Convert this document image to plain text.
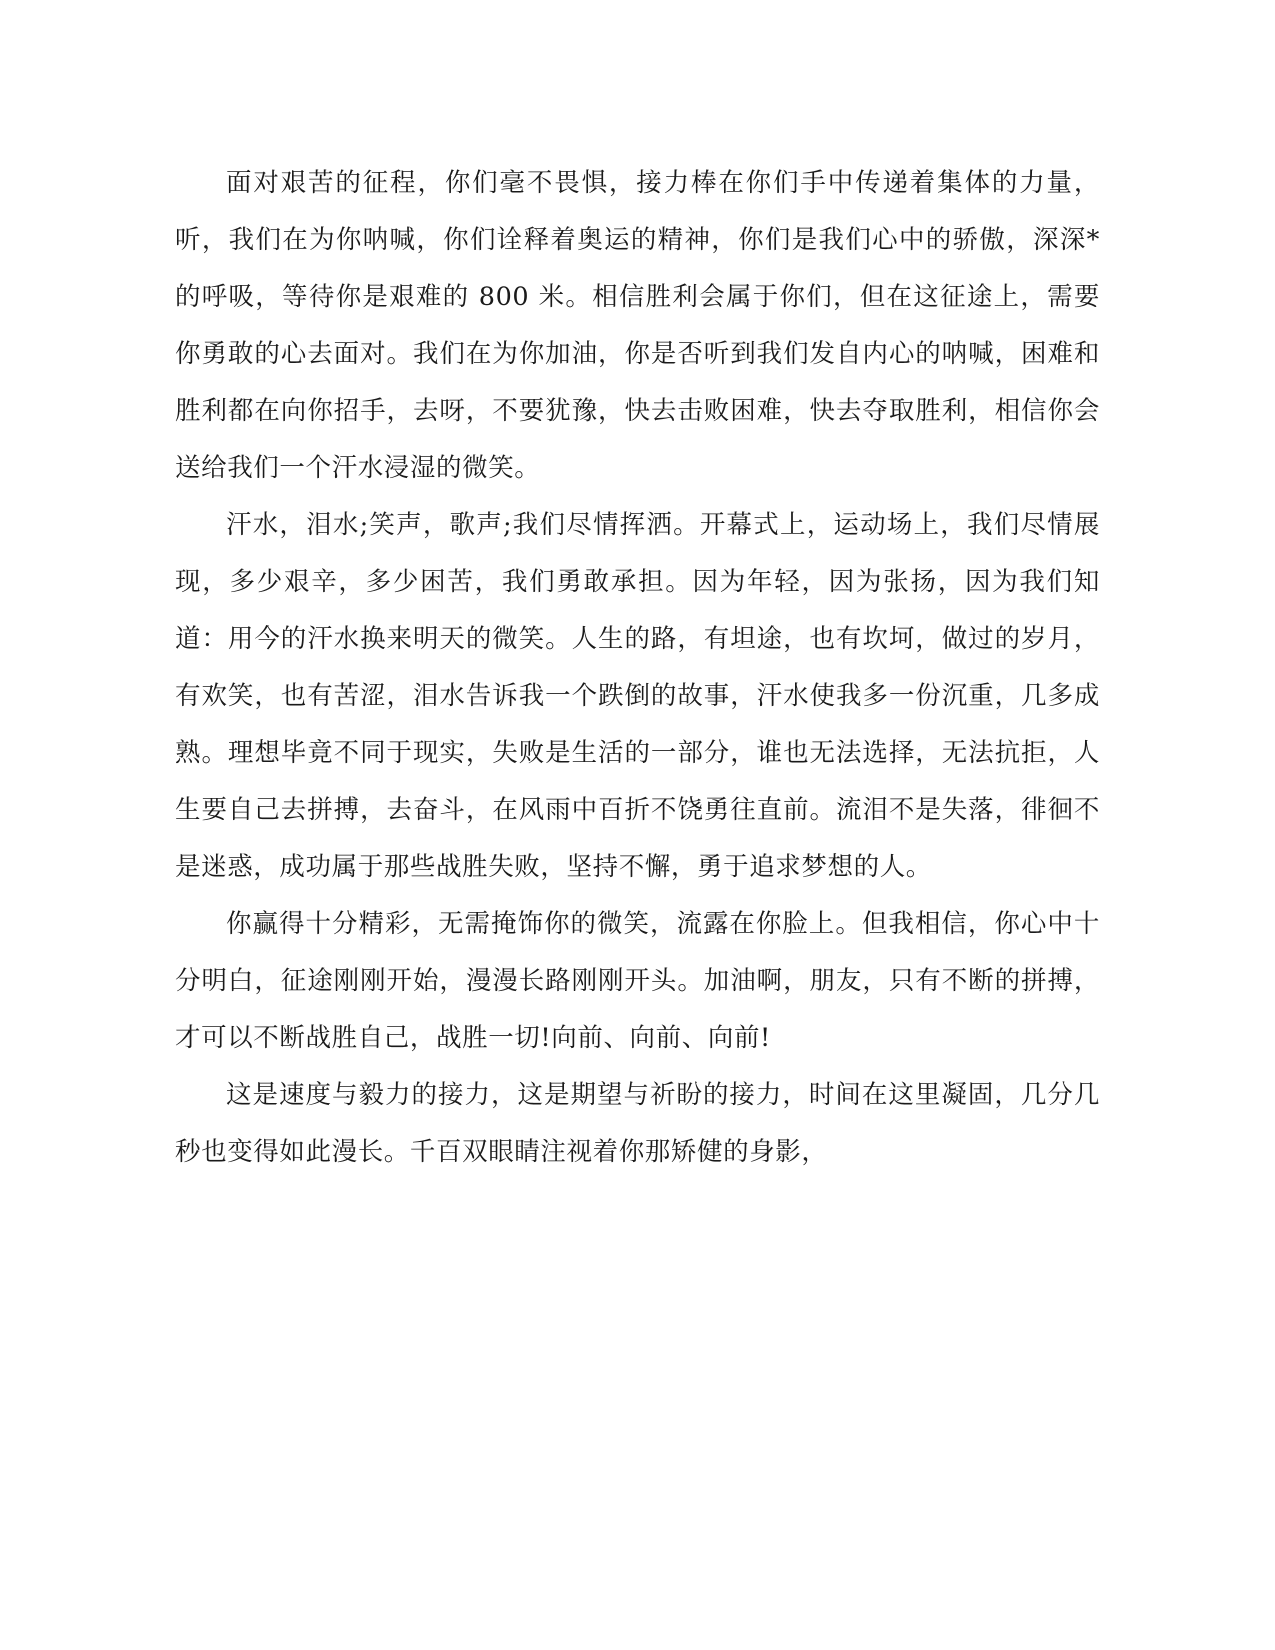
面对艰苦的征程，你们毫不畏惧，接力棒在你们手中传递着集体的力量，听，我们在为你呐喊，你们诠释着奥运的精神，你们是我们心中的骄傲，深深*的呼吸，等待你是艰难的 800 米。相信胜利会属于你们，但在这征途上，需要你勇敢的心去面对。我们在为你加油，你是否听到我们发自内心的呐喊，困难和胜利都在向你招手，去呀，不要犹豫，快去击败困难，快去夺取胜利，相信你会送给我们一个汗水浸湿的微笑。

汗水，泪水;笑声，歌声;我们尽情挥洒。开幕式上，运动场上，我们尽情展现，多少艰辛，多少困苦，我们勇敢承担。因为年轻，因为张扬，因为我们知道：用今的汗水换来明天的微笑。人生的路，有坦途，也有坎坷，做过的岁月，有欢笑，也有苦涩，泪水告诉我一个跌倒的故事，汗水使我多一份沉重，几多成熟。理想毕竟不同于现实，失败是生活的一部分，谁也无法选择，无法抗拒，人生要自己去拼搏，去奋斗，在风雨中百折不饶勇往直前。流泪不是失落，徘徊不是迷惑，成功属于那些战胜失败，坚持不懈，勇于追求梦想的人。

你赢得十分精彩，无需掩饰你的微笑，流露在你脸上。但我相信，你心中十分明白，征途刚刚开始，漫漫长路刚刚开头。加油啊，朋友，只有不断的拼搏，才可以不断战胜自己，战胜一切!向前、向前、向前!

这是速度与毅力的接力，这是期望与祈盼的接力，时间在这里凝固，几分几秒也变得如此漫长。千百双眼睛注视着你那矫健的身影，
